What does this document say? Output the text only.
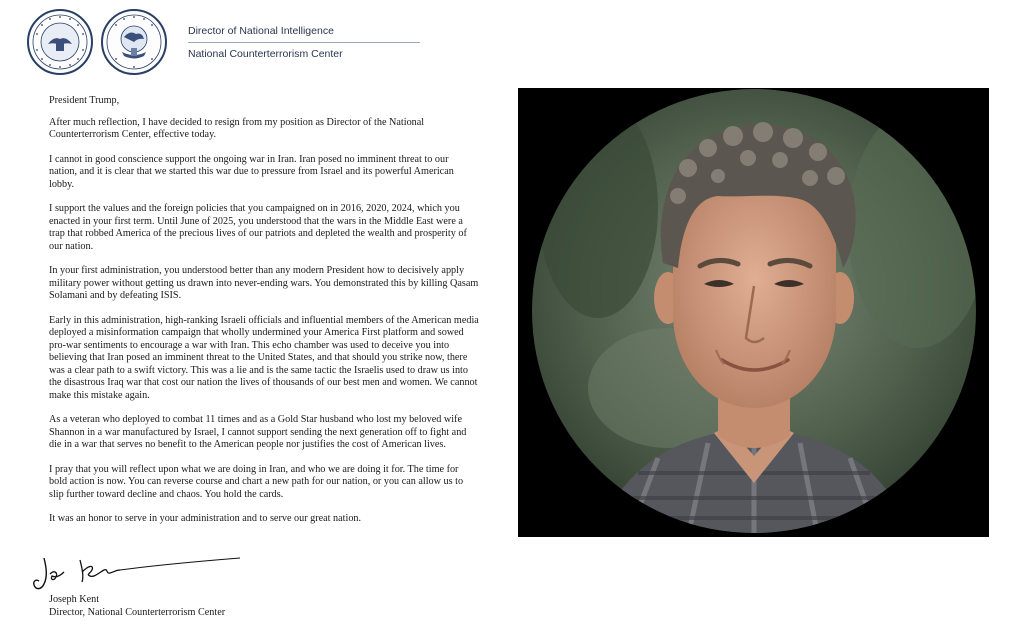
Director of National Intelligence
National Counterterrorism Center

President Trump,

After much reflection, I have decided to resign from my position as Director of the National Counterterrorism Center, effective today.

I cannot in good conscience support the ongoing war in Iran. Iran posed no imminent threat to our nation, and it is clear that we started this war due to pressure from Israel and its powerful American lobby.

I support the values and the foreign policies that you campaigned on in 2016, 2020, 2024, which you enacted in your first term. Until June of 2025, you understood that the wars in the Middle East were a trap that robbed America of the precious lives of our patriots and depleted the wealth and prosperity of our nation.

In your first administration, you understood better than any modern President how to decisively apply military power without getting us drawn into never-ending wars. You demonstrated this by killing Qasam Solamani and by defeating ISIS.

Early in this administration, high-ranking Israeli officials and influential members of the American media deployed a misinformation campaign that wholly undermined your America First platform and sowed pro-war sentiments to encourage a war with Iran. This echo chamber was used to deceive you into believing that Iran posed an imminent threat to the United States, and that should you strike now, there was a clear path to a swift victory. This was a lie and is the same tactic the Israelis used to draw us into the disastrous Iraq war that cost our nation the lives of thousands of our best men and women. We cannot make this mistake again.

As a veteran who deployed to combat 11 times and as a Gold Star husband who lost my beloved wife Shannon in a war manufactured by Israel, I cannot support sending the next generation off to fight and die in a war that serves no benefit to the American people nor justifies the cost of American lives.

I pray that you will reflect upon what we are doing in Iran, and who we are doing it for. The time for bold action is now. You can reverse course and chart a new path for our nation, or you can allow us to slip further toward decline and chaos. You hold the cards.

It was an honor to serve in your administration and to serve our great nation.

Joseph Kent
Director, National Counterterrorism Center
